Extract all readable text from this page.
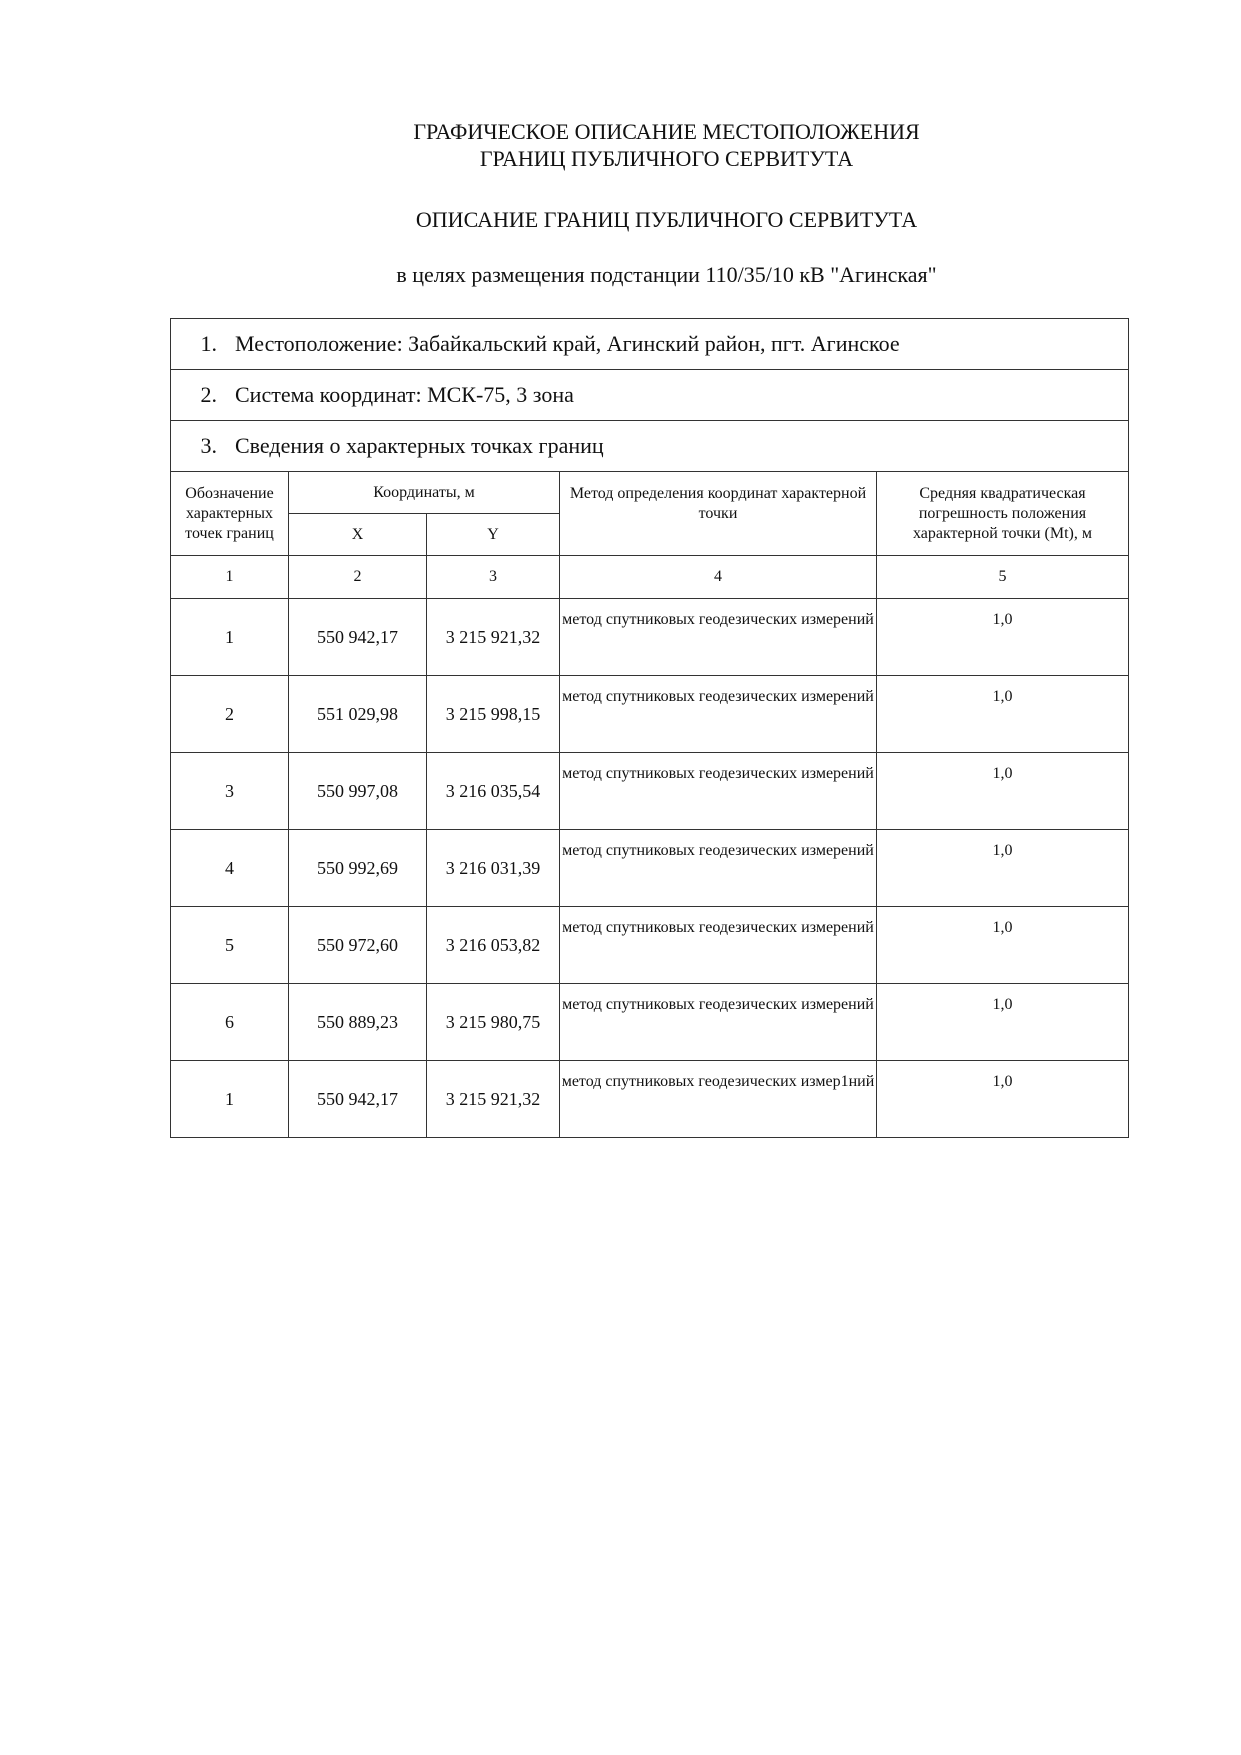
ГРАФИЧЕСКОЕ ОПИСАНИЕ МЕСТОПОЛОЖЕНИЯ
ГРАНИЦ ПУБЛИЧНОГО СЕРВИТУТА
ОПИСАНИЕ ГРАНИЦ ПУБЛИЧНОГО СЕРВИТУТА
в целях размещения подстанции 110/35/10 кВ "Агинская"
1. Местоположение: Забайкальский край, Агинский район, пгт. Агинское				
2. Система координат: МСК-75, 3 зона				
3. Сведения о характерных точках границ				
Обозначение характерных точек границ	Координаты, м		Метод определения координат характерной точки	Средняя квадратическая погрешность положения характерной точки (Mt), м
	X	Y		
1	2	3	4	5
1	550 942,17	3 215 921,32	метод спутниковых геодезических измерений	1,0
2	551 029,98	3 215 998,15	метод спутниковых геодезических измерений	1,0
3	550 997,08	3 216 035,54	метод спутниковых геодезических измерений	1,0
4	550 992,69	3 216 031,39	метод спутниковых геодезических измерений	1,0
5	550 972,60	3 216 053,82	метод спутниковых геодезических измерений	1,0
6	550 889,23	3 215 980,75	метод спутниковых геодезических измерений	1,0
1	550 942,17	3 215 921,32	метод спутниковых геодезических измер1ний	1,0
